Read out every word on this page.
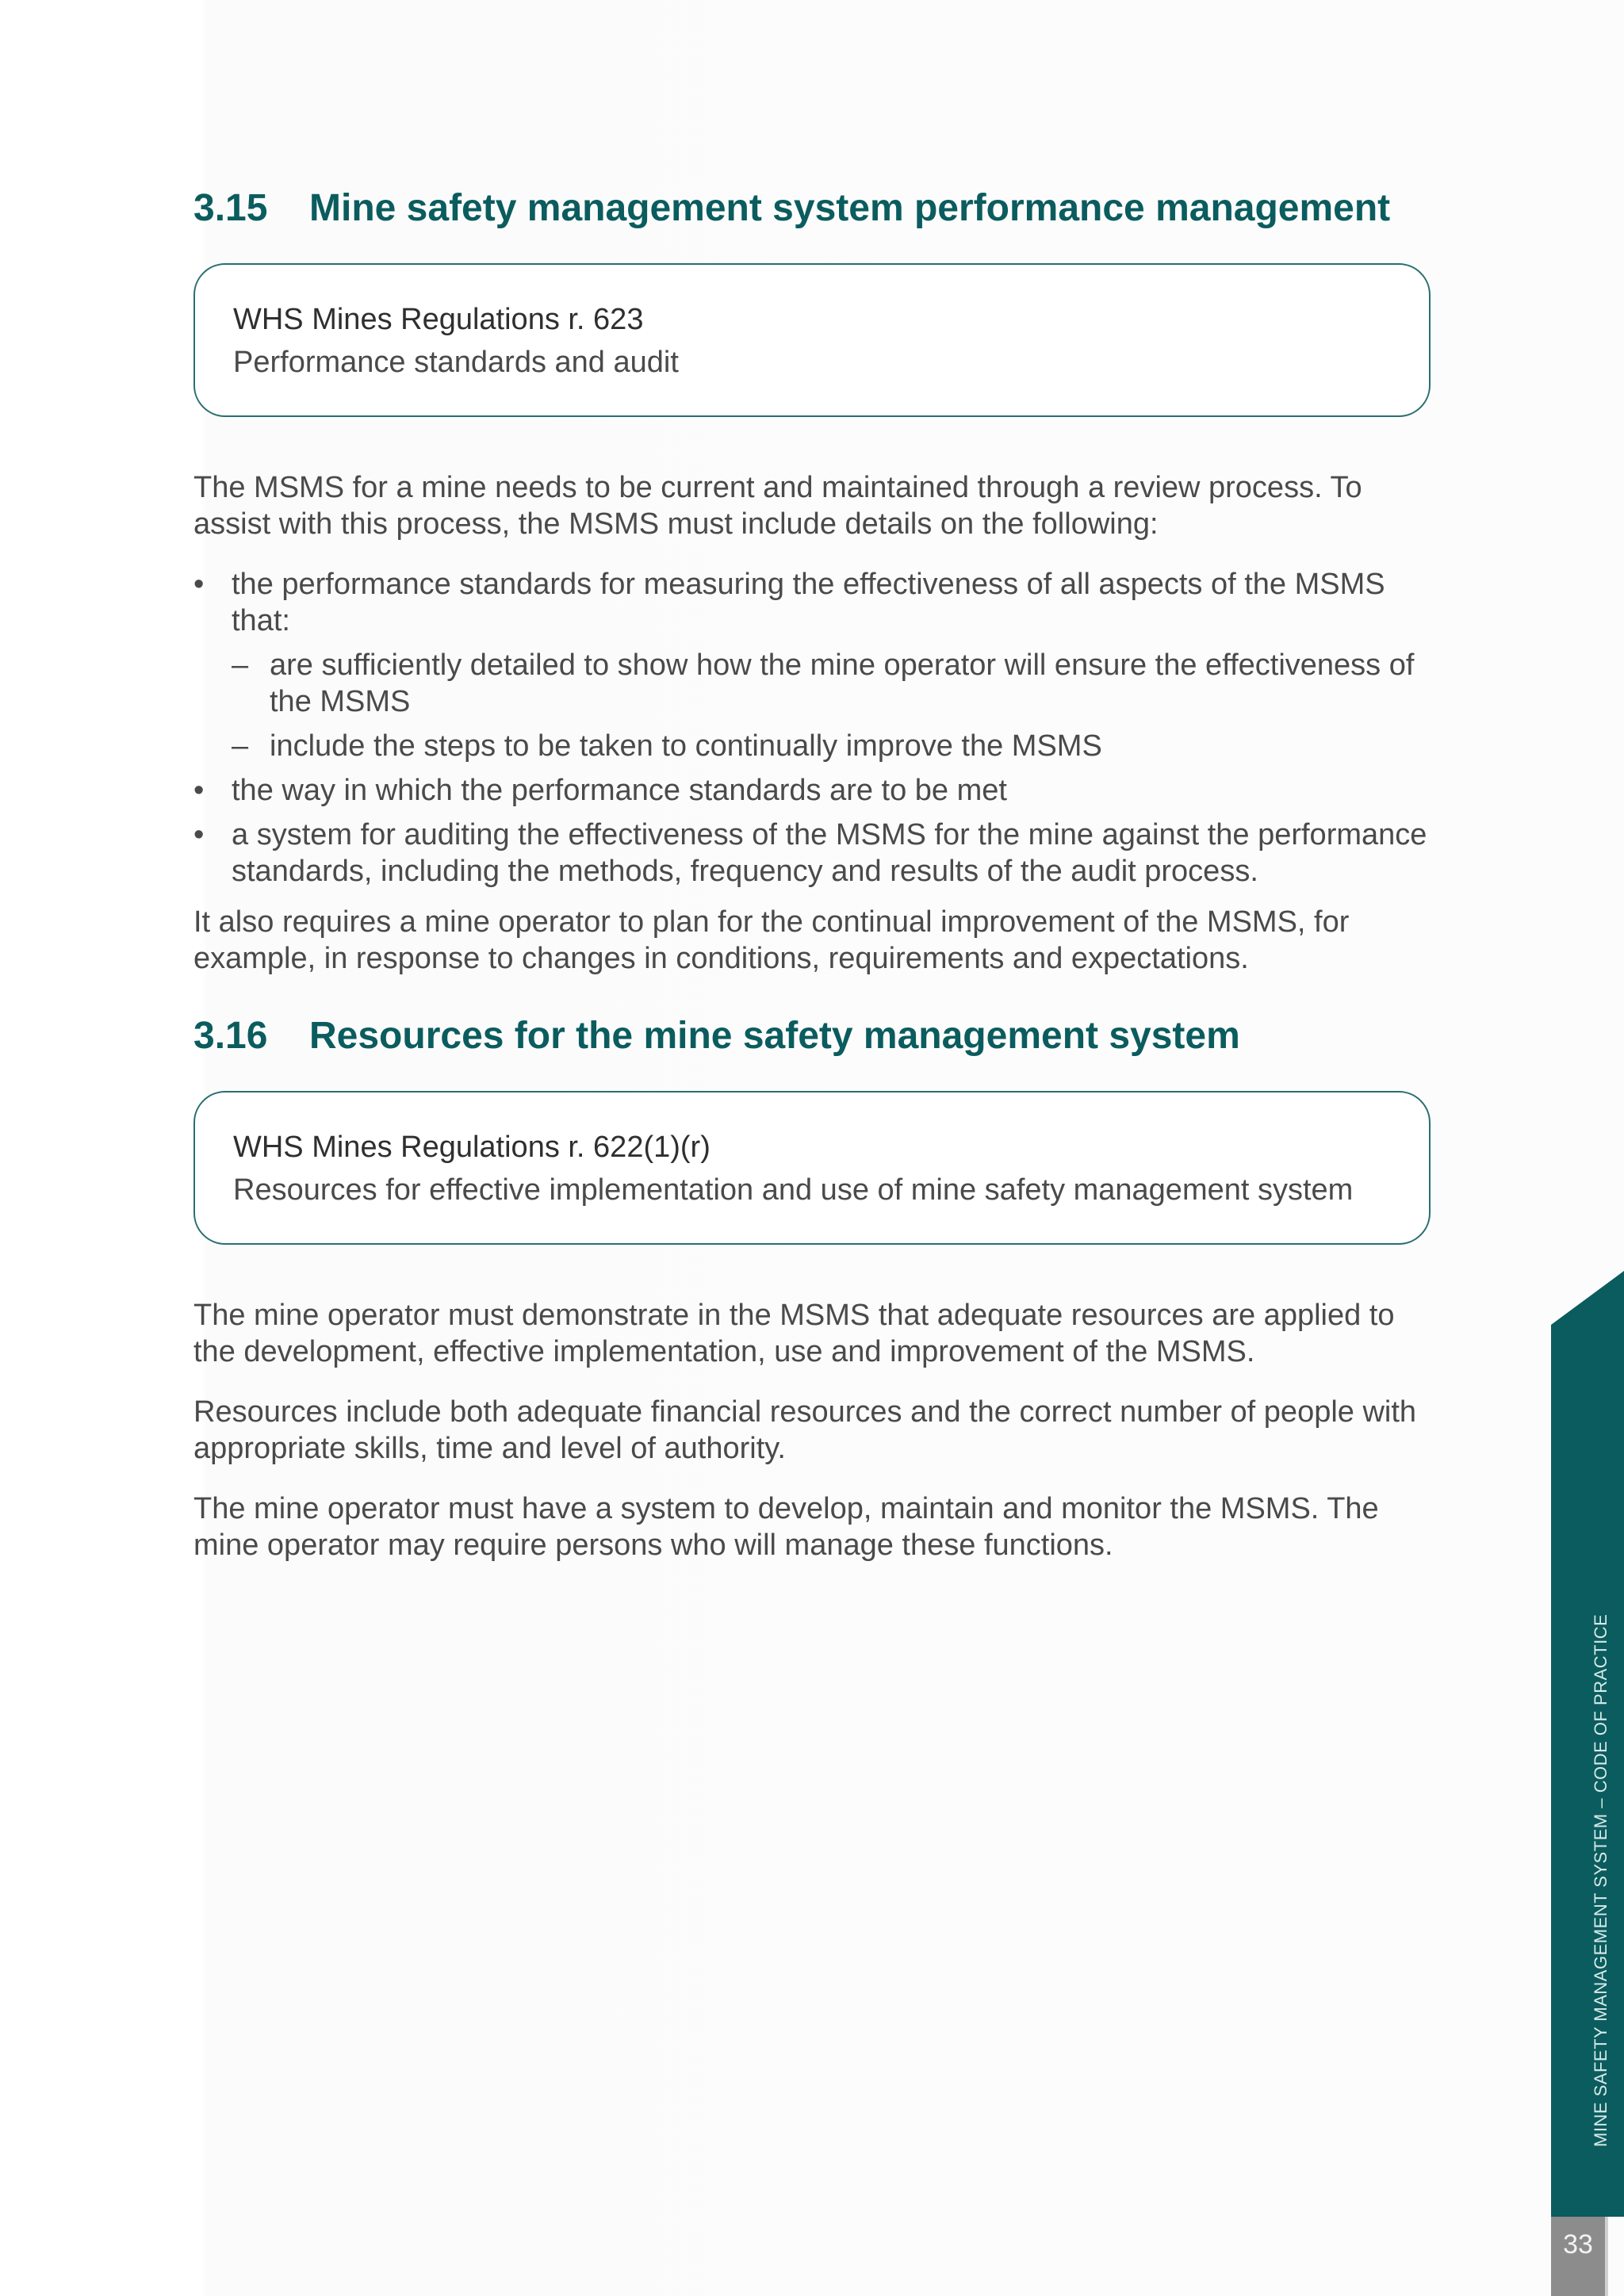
3.15	Mine safety management system performance management
WHS Mines Regulations r. 623
Performance standards and audit

The MSMS for a mine needs to be current and maintained through a review process. To assist with this process, the MSMS must include details on the following:

• the performance standards for measuring the effectiveness of all aspects of the MSMS that:
– are sufficiently detailed to show how the mine operator will ensure the effectiveness of the MSMS
– include the steps to be taken to continually improve the MSMS
• the way in which the performance standards are to be met
• a system for auditing the effectiveness of the MSMS for the mine against the performance standards, including the methods, frequency and results of the audit process.

It also requires a mine operator to plan for the continual improvement of the MSMS, for example, in response to changes in conditions, requirements and expectations.

3.16	Resources for the mine safety management system
WHS Mines Regulations r. 622(1)(r)
Resources for effective implementation and use of mine safety management system

The mine operator must demonstrate in the MSMS that adequate resources are applied to the development, effective implementation, use and improvement of the MSMS.

Resources include both adequate financial resources and the correct number of people with appropriate skills, time and level of authority.

The mine operator must have a system to develop, maintain and monitor the MSMS. The mine operator may require persons who will manage these functions.

MINE SAFETY MANAGEMENT SYSTEM – CODE OF PRACTICE
33
